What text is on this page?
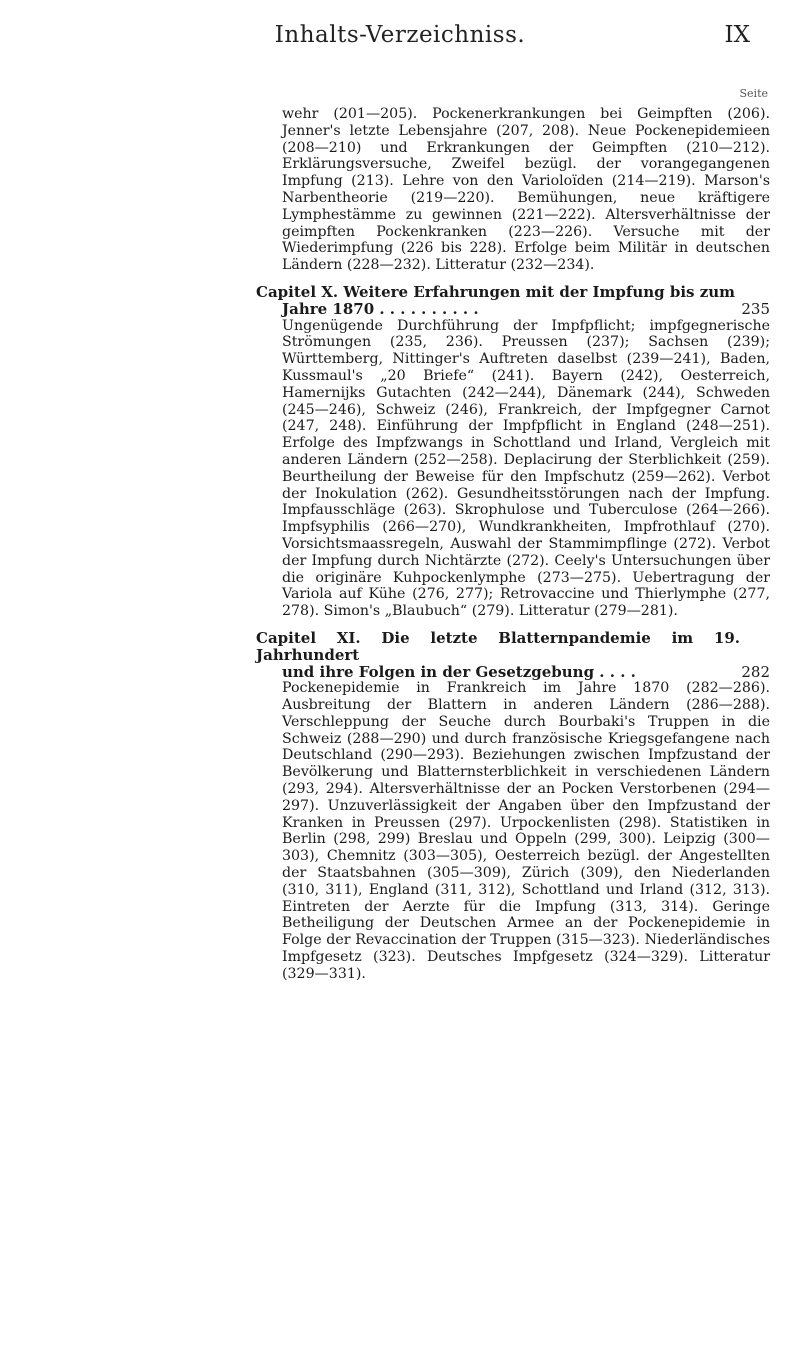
Inhalts-Verzeichniss.	IX
Seite
wehr (201—205). Pockenerkrankungen bei Geimpften (206). Jenner's letzte Lebensjahre (207, 208). Neue Pockenepidemieen (208—210) und Erkrankungen der Geimpften (210—212). Erklärungsversuche, Zweifel bezügl. der vorangegangenen Impfung (213). Lehre von den Varioloïden (214—219). Marson's Narbentheorie (219—220). Bemühungen, neue kräftigere Lymphestämme zu gewinnen (221—222). Altersverhältnisse der geimpften Pockenkranken (223—226). Versuche mit der Wiederimpfung (226 bis 228). Erfolge beim Militär in deutschen Ländern (228—232). Litteratur (232—234).
Capitel X. Weitere Erfahrungen mit der Impfung bis zum
Jahre 1870 . . . . . . . . . .	235
Ungenügende Durchführung der Impfpflicht; impfgegnerische Strömungen (235, 236). Preussen (237); Sachsen (239); Württemberg, Nittinger's Auftreten daselbst (239—241), Baden, Kussmaul's „20 Briefe“ (241). Bayern (242), Oesterreich, Hamernijks Gutachten (242—244), Dänemark (244), Schweden (245—246), Schweiz (246), Frankreich, der Impfgegner Carnot (247, 248). Einführung der Impfpflicht in England (248—251). Erfolge des Impfzwangs in Schottland und Irland, Vergleich mit anderen Ländern (252—258). Deplacirung der Sterblichkeit (259). Beurtheilung der Beweise für den Impfschutz (259—262). Verbot der Inokulation (262). Gesundheitsstörungen nach der Impfung. Impfausschläge (263). Skrophulose und Tuberculose (264—266). Impfsyphilis (266—270), Wundkrankheiten, Impfrothlauf (270). Vorsichtsmaassregeln, Auswahl der Stammimpflinge (272). Verbot der Impfung durch Nichtärzte (272). Ceely's Untersuchungen über die originäre Kuhpockenlymphe (273—275). Uebertragung der Variola auf Kühe (276, 277); Retrovaccine und Thierlymphe (277, 278). Simon's „Blaubuch“ (279). Litteratur (279—281).
Capitel XI. Die letzte Blatternpandemie im 19. Jahrhundert
und ihre Folgen in der Gesetzgebung . . . .	282
Pockenepidemie in Frankreich im Jahre 1870 (282—286). Ausbreitung der Blattern in anderen Ländern (286—288). Verschleppung der Seuche durch Bourbaki's Truppen in die Schweiz (288—290) und durch französische Kriegsgefangene nach Deutschland (290—293). Beziehungen zwischen Impfzustand der Bevölkerung und Blatternsterblichkeit in verschiedenen Ländern (293, 294). Altersverhältnisse der an Pocken Verstorbenen (294—297). Unzuverlässigkeit der Angaben über den Impfzustand der Kranken in Preussen (297). Urpockenlisten (298). Statistiken in Berlin (298, 299) Breslau und Oppeln (299, 300). Leipzig (300—303), Chemnitz (303—305), Oesterreich bezügl. der Angestellten der Staatsbahnen (305—309), Zürich (309), den Niederlanden (310, 311), England (311, 312), Schottland und Irland (312, 313). Eintreten der Aerzte für die Impfung (313, 314). Geringe Betheiligung der Deutschen Armee an der Pockenepidemie in Folge der Revaccination der Truppen (315—323). Niederländisches Impfgesetz (323). Deutsches Impfgesetz (324—329). Litteratur (329—331).
